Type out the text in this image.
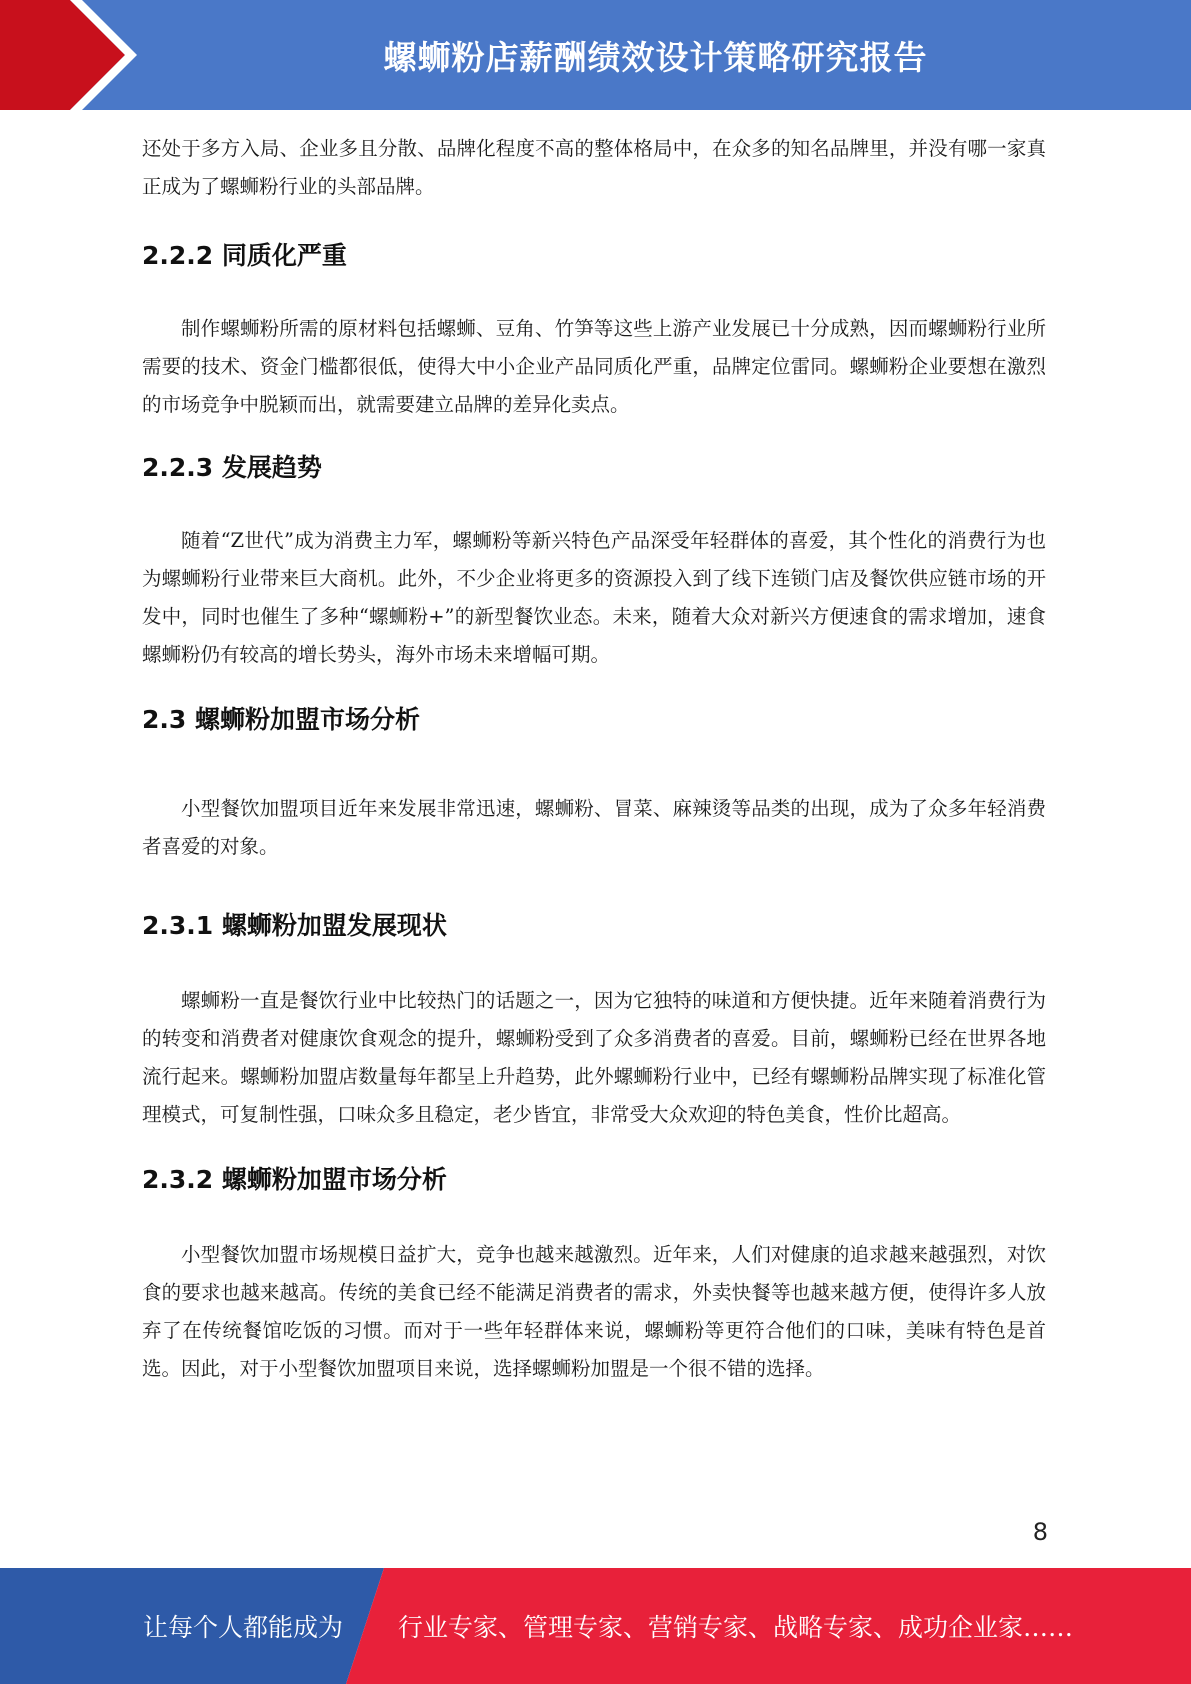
螺蛳粉店薪酬绩效设计策略研究报告

还处于多方入局、企业多且分散、品牌化程度不高的整体格局中，在众多的知名品牌里，并没有哪一家真正成为了螺蛳粉行业的头部品牌。

2.2.2 同质化严重

制作螺蛳粉所需的原材料包括螺蛳、豆角、竹笋等这些上游产业发展已十分成熟，因而螺蛳粉行业所需要的技术、资金门槛都很低，使得大中小企业产品同质化严重，品牌定位雷同。螺蛳粉企业要想在激烈的市场竞争中脱颖而出，就需要建立品牌的差异化卖点。

2.2.3 发展趋势

随着“Z世代”成为消费主力军，螺蛳粉等新兴特色产品深受年轻群体的喜爱，其个性化的消费行为也为螺蛳粉行业带来巨大商机。此外，不少企业将更多的资源投入到了线下连锁门店及餐饮供应链市场的开发中，同时也催生了多种“螺蛳粉+”的新型餐饮业态。未来，随着大众对新兴方便速食的需求增加，速食螺蛳粉仍有较高的增长势头，海外市场未来增幅可期。

2.3 螺蛳粉加盟市场分析

小型餐饮加盟项目近年来发展非常迅速，螺蛳粉、冒菜、麻辣烫等品类的出现，成为了众多年轻消费者喜爱的对象。

2.3.1 螺蛳粉加盟发展现状

螺蛳粉一直是餐饮行业中比较热门的话题之一，因为它独特的味道和方便快捷。近年来随着消费行为的转变和消费者对健康饮食观念的提升，螺蛳粉受到了众多消费者的喜爱。目前，螺蛳粉已经在世界各地流行起来。螺蛳粉加盟店数量每年都呈上升趋势，此外螺蛳粉行业中，已经有螺蛳粉品牌实现了标准化管理模式，可复制性强，口味众多且稳定，老少皆宜，非常受大众欢迎的特色美食，性价比超高。

2.3.2 螺蛳粉加盟市场分析

小型餐饮加盟市场规模日益扩大，竞争也越来越激烈。近年来，人们对健康的追求越来越强烈，对饮食的要求也越来越高。传统的美食已经不能满足消费者的需求，外卖快餐等也越来越方便，使得许多人放弃了在传统餐馆吃饭的习惯。而对于一些年轻群体来说，螺蛳粉等更符合他们的口味，美味有特色是首选。因此，对于小型餐饮加盟项目来说，选择螺蛳粉加盟是一个很不错的选择。

8
让每个人都能成为 行业专家、管理专家、营销专家、战略专家、成功企业家……
